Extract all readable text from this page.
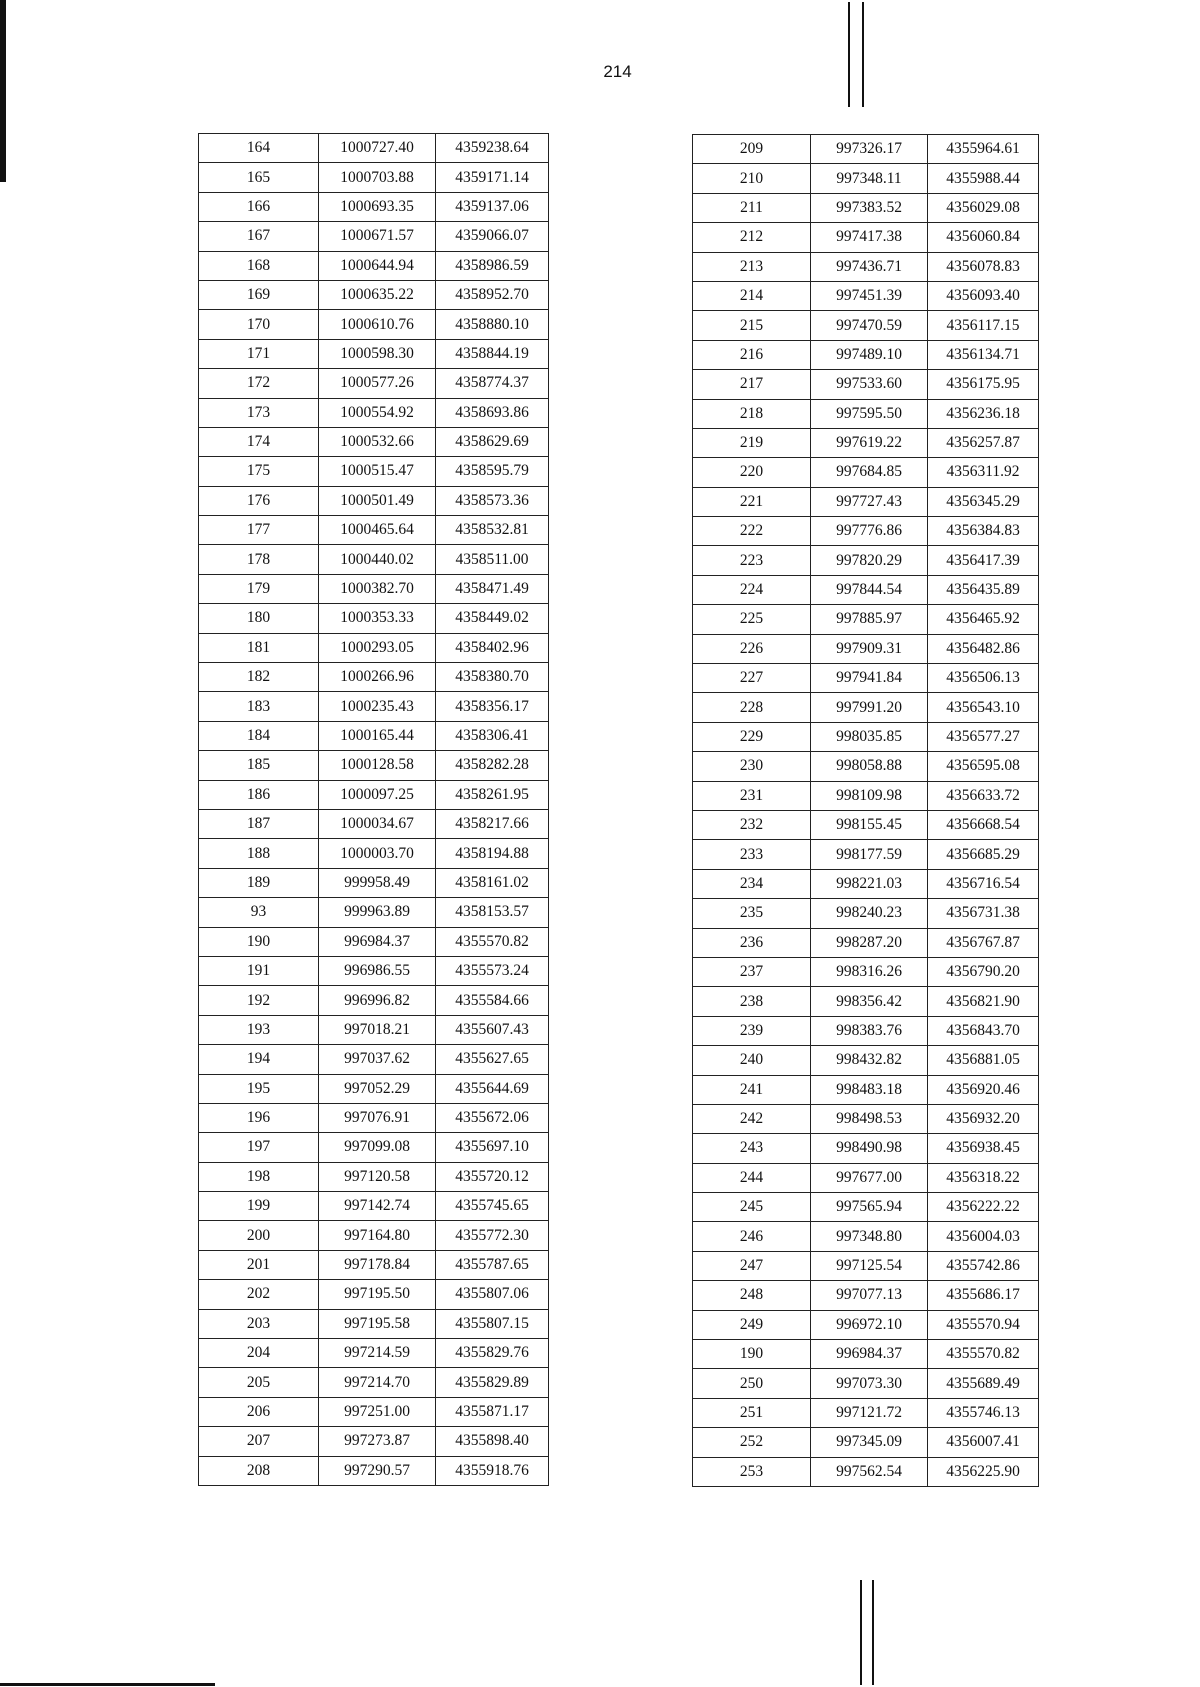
214
164	1000727.40	4359238.64
165	1000703.88	4359171.14
166	1000693.35	4359137.06
167	1000671.57	4359066.07
168	1000644.94	4358986.59
169	1000635.22	4358952.70
170	1000610.76	4358880.10
171	1000598.30	4358844.19
172	1000577.26	4358774.37
173	1000554.92	4358693.86
174	1000532.66	4358629.69
175	1000515.47	4358595.79
176	1000501.49	4358573.36
177	1000465.64	4358532.81
178	1000440.02	4358511.00
179	1000382.70	4358471.49
180	1000353.33	4358449.02
181	1000293.05	4358402.96
182	1000266.96	4358380.70
183	1000235.43	4358356.17
184	1000165.44	4358306.41
185	1000128.58	4358282.28
186	1000097.25	4358261.95
187	1000034.67	4358217.66
188	1000003.70	4358194.88
189	999958.49	4358161.02
93	999963.89	4358153.57
190	996984.37	4355570.82
191	996986.55	4355573.24
192	996996.82	4355584.66
193	997018.21	4355607.43
194	997037.62	4355627.65
195	997052.29	4355644.69
196	997076.91	4355672.06
197	997099.08	4355697.10
198	997120.58	4355720.12
199	997142.74	4355745.65
200	997164.80	4355772.30
201	997178.84	4355787.65
202	997195.50	4355807.06
203	997195.58	4355807.15
204	997214.59	4355829.76
205	997214.70	4355829.89
206	997251.00	4355871.17
207	997273.87	4355898.40
208	997290.57	4355918.76
209	997326.17	4355964.61
210	997348.11	4355988.44
211	997383.52	4356029.08
212	997417.38	4356060.84
213	997436.71	4356078.83
214	997451.39	4356093.40
215	997470.59	4356117.15
216	997489.10	4356134.71
217	997533.60	4356175.95
218	997595.50	4356236.18
219	997619.22	4356257.87
220	997684.85	4356311.92
221	997727.43	4356345.29
222	997776.86	4356384.83
223	997820.29	4356417.39
224	997844.54	4356435.89
225	997885.97	4356465.92
226	997909.31	4356482.86
227	997941.84	4356506.13
228	997991.20	4356543.10
229	998035.85	4356577.27
230	998058.88	4356595.08
231	998109.98	4356633.72
232	998155.45	4356668.54
233	998177.59	4356685.29
234	998221.03	4356716.54
235	998240.23	4356731.38
236	998287.20	4356767.87
237	998316.26	4356790.20
238	998356.42	4356821.90
239	998383.76	4356843.70
240	998432.82	4356881.05
241	998483.18	4356920.46
242	998498.53	4356932.20
243	998490.98	4356938.45
244	997677.00	4356318.22
245	997565.94	4356222.22
246	997348.80	4356004.03
247	997125.54	4355742.86
248	997077.13	4355686.17
249	996972.10	4355570.94
190	996984.37	4355570.82
250	997073.30	4355689.49
251	997121.72	4355746.13
252	997345.09	4356007.41
253	997562.54	4356225.90
